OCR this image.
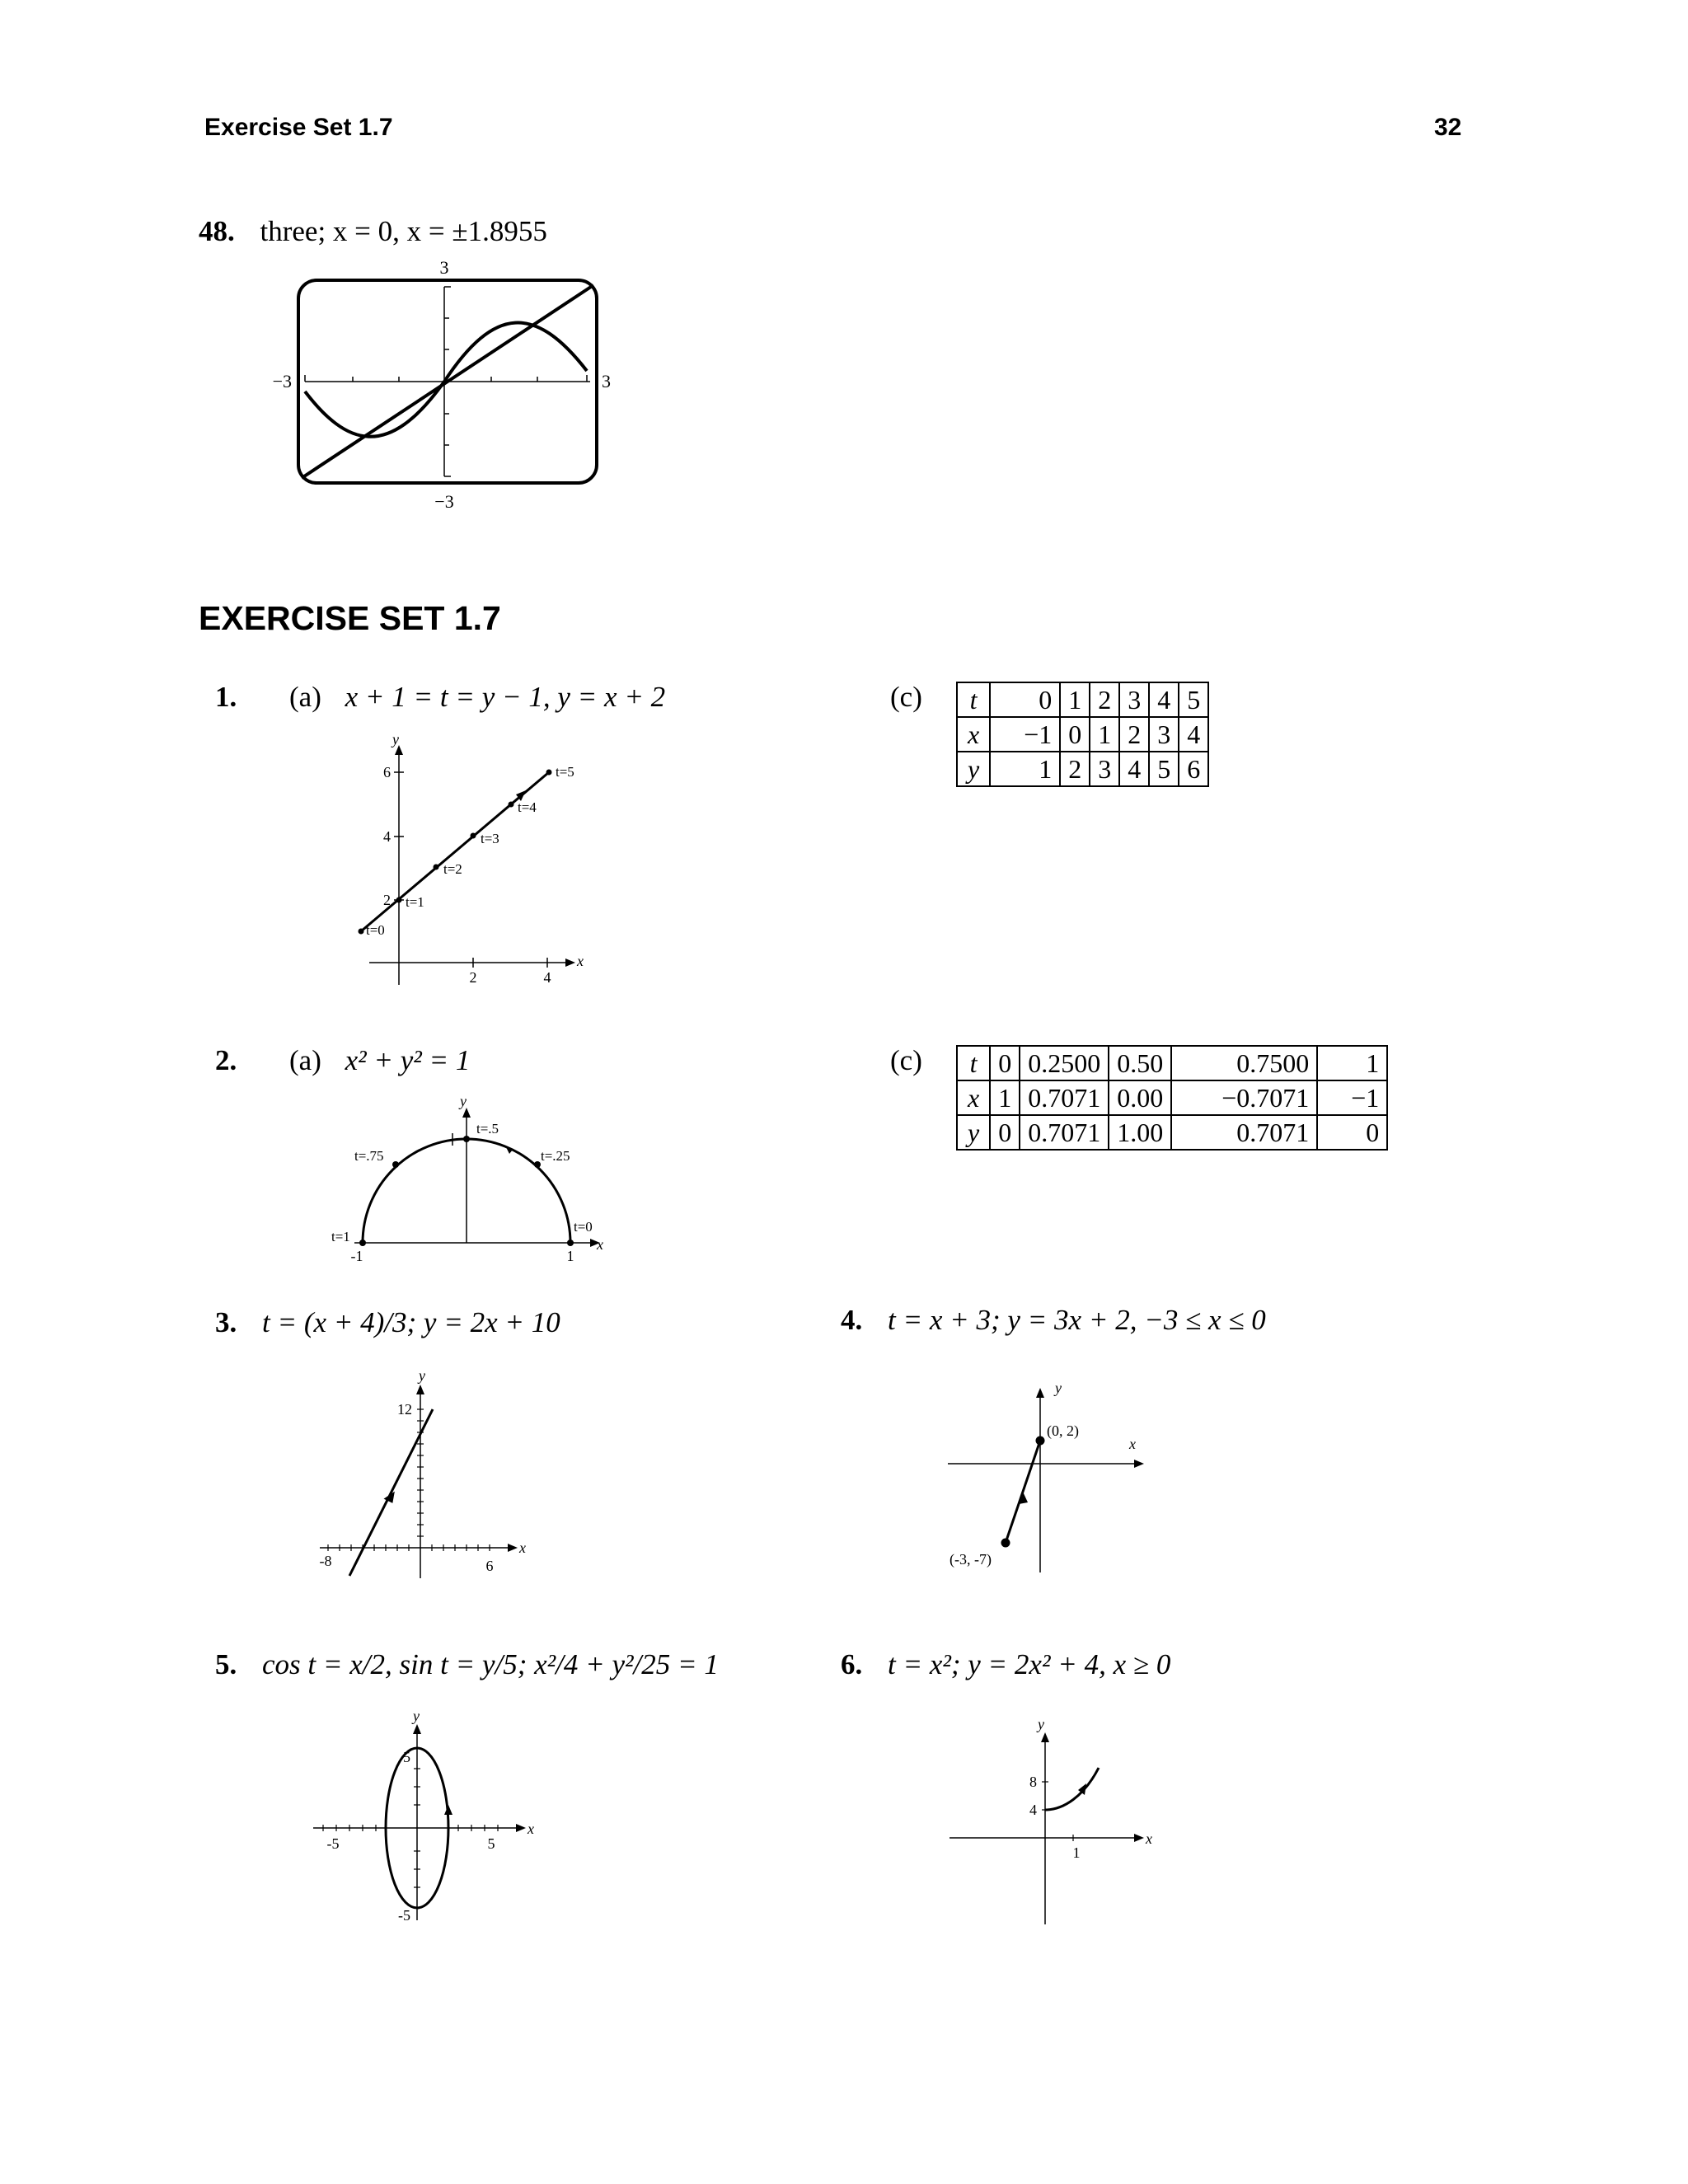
Exercise Set 1.7	32
48. three; x = 0, x = ±1.8955
3
−3
−3	3
EXERCISE SET 1.7
1. (a) x + 1 = t = y − 1, y = x + 2
y
x
2
4
6
2	4
t=0
t=1
t=2
t=3
t=4
t=5
(c) t	0	1	2	3	4	5
x	−1	0	1	2	3	4
y	1	2	3	4	5	6
2. (a) x² + y² = 1
y
x
-1	1
t=.5
t=.75	t=.25
t=1
t=0
(c) t	0	0.2500	0.50	0.7500	1
x	1	0.7071	0.00	−0.7071	−1
y	0	0.7071	1.00	0.7071	0
3. t = (x + 4)/3; y = 2x + 10
y
x
12
-8	6
4. t = x + 3; y = 3x + 2, −3 ≤ x ≤ 0
y
x
(0, 2)
(-3, -7)
5. cos t = x/2, sin t = y/5; x²/4 + y²/25 = 1
y
x
5
-5
-5	5
6. t = x²; y = 2x² + 4, x ≥ 0
y
x
4
8
1
